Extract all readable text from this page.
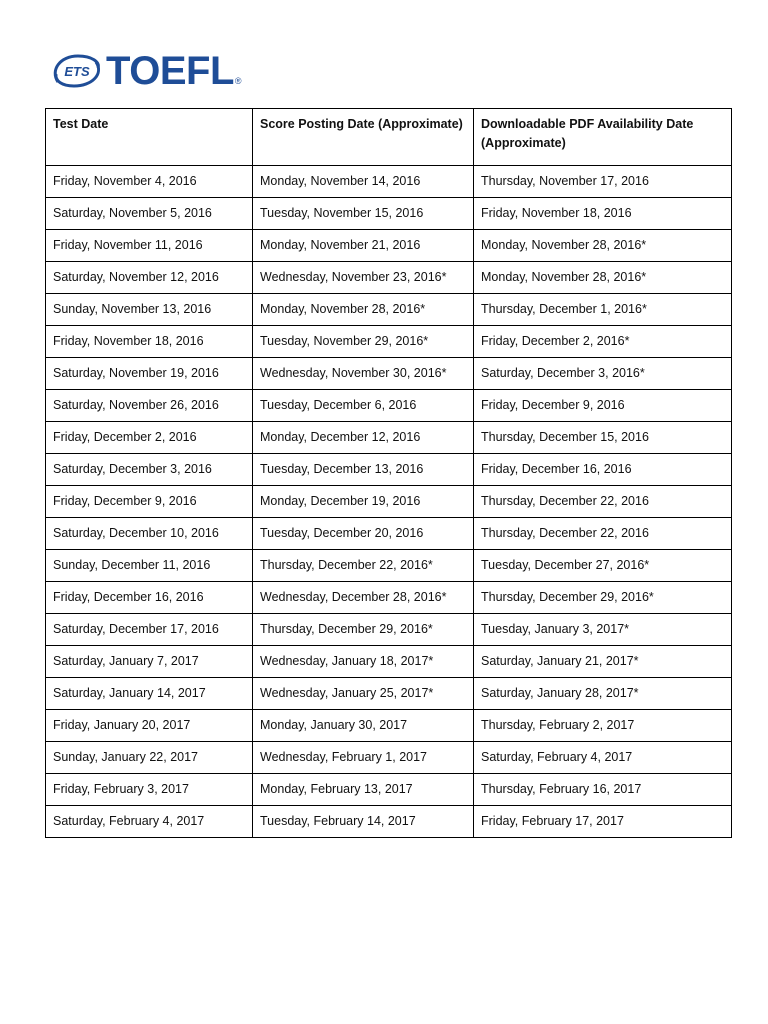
ETS TOEFL ®
Test Date	Score Posting Date (Approximate)	Downloadable PDF Availability Date (Approximate)
Friday, November 4, 2016	Monday, November 14, 2016	Thursday, November 17, 2016
Saturday, November 5, 2016	Tuesday, November 15, 2016	Friday, November 18, 2016
Friday, November 11, 2016	Monday, November 21, 2016	Monday, November 28, 2016*
Saturday, November 12, 2016	Wednesday, November 23, 2016*	Monday, November 28, 2016*
Sunday, November 13, 2016	Monday, November 28, 2016*	Thursday, December 1, 2016*
Friday, November 18, 2016	Tuesday, November 29, 2016*	Friday, December 2, 2016*
Saturday, November 19, 2016	Wednesday, November 30, 2016*	Saturday, December 3, 2016*
Saturday, November 26, 2016	Tuesday, December 6, 2016	Friday, December 9, 2016
Friday, December 2, 2016	Monday, December 12, 2016	Thursday, December 15, 2016
Saturday, December 3, 2016	Tuesday, December 13, 2016	Friday, December 16, 2016
Friday, December 9, 2016	Monday, December 19, 2016	Thursday, December 22, 2016
Saturday, December 10, 2016	Tuesday, December 20, 2016	Thursday, December 22, 2016
Sunday, December 11, 2016	Thursday, December 22, 2016*	Tuesday, December 27, 2016*
Friday, December 16, 2016	Wednesday, December 28, 2016*	Thursday, December 29, 2016*
Saturday, December 17, 2016	Thursday, December 29, 2016*	Tuesday, January 3, 2017*
Saturday, January 7, 2017	Wednesday, January 18, 2017*	Saturday, January 21, 2017*
Saturday, January 14, 2017	Wednesday, January 25, 2017*	Saturday, January 28, 2017*
Friday, January 20, 2017	Monday, January 30, 2017	Thursday, February 2, 2017
Sunday, January 22, 2017	Wednesday, February 1, 2017	Saturday, February 4, 2017
Friday, February 3, 2017	Monday, February 13, 2017	Thursday, February 16, 2017
Saturday, February 4, 2017	Tuesday, February 14, 2017	Friday, February 17, 2017
